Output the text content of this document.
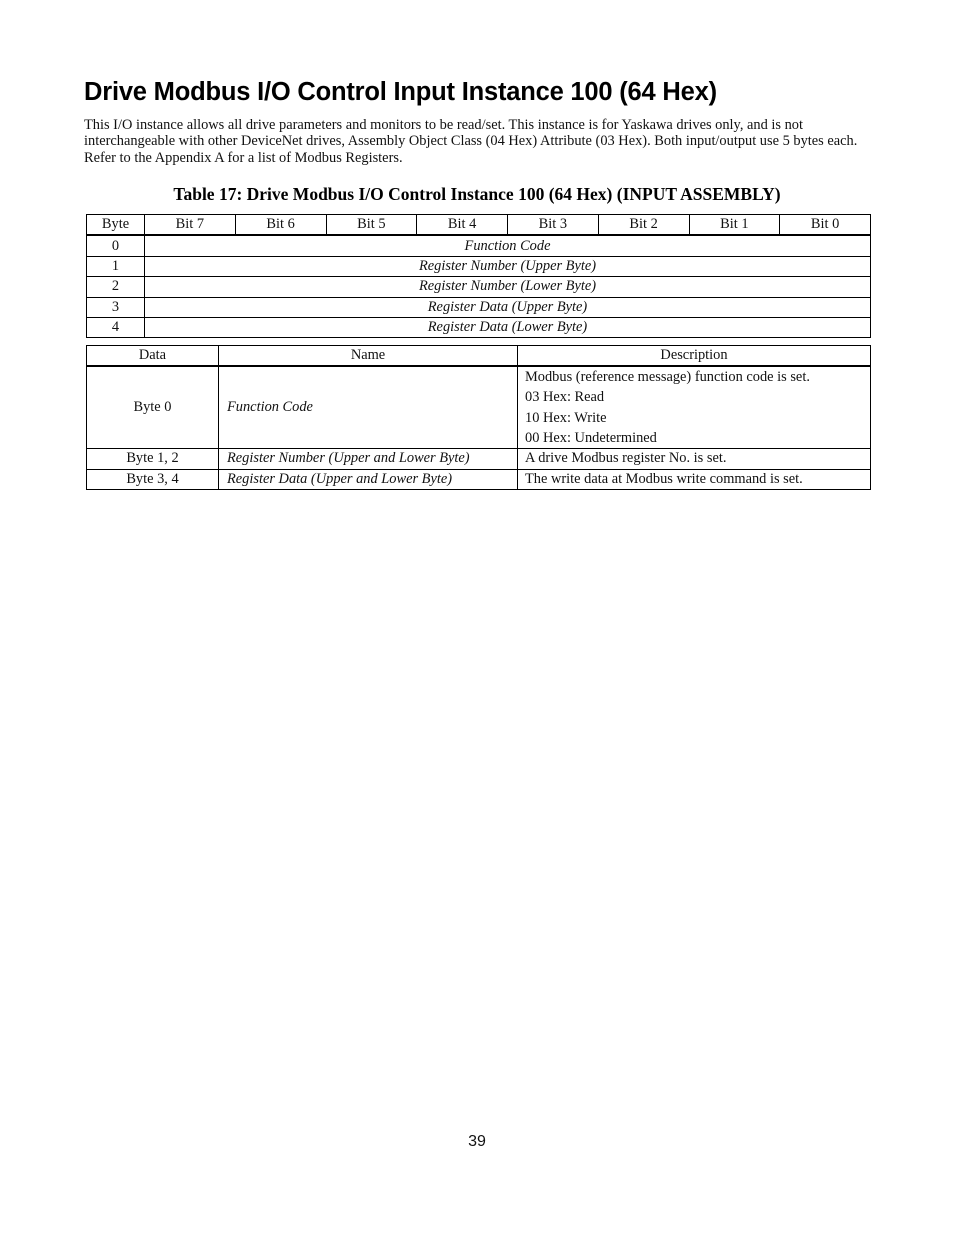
Drive Modbus I/O Control Input Instance 100 (64 Hex)

This I/O instance allows all drive parameters and monitors to be read/set. This instance is for Yaskawa drives only, and is not interchangeable with other DeviceNet drives, Assembly Object Class (04 Hex) Attribute (03 Hex). Both input/output use 5 bytes each. Refer to the Appendix A for a list of Modbus Registers.

Table 17: Drive Modbus I/O Control Instance 100 (64 Hex) (INPUT ASSEMBLY)

Byte	Bit 7	Bit 6	Bit 5	Bit 4	Bit 3	Bit 2	Bit 1	Bit 0
0	Function Code							
1	Register Number (Upper Byte)							
2	Register Number (Lower Byte)							
3	Register Data (Upper Byte)							
4	Register Data (Lower Byte)							
Data	Name	Description
Byte 0	Function Code	Modbus (reference message) function code is set.
03 Hex: Read
10 Hex: Write
00 Hex: Undetermined

Byte 1, 2	Register Number (Upper and Lower Byte)	A drive Modbus register No. is set.
Byte 3, 4	Register Data (Upper and Lower Byte)	The write data at Modbus write command is set.
39
